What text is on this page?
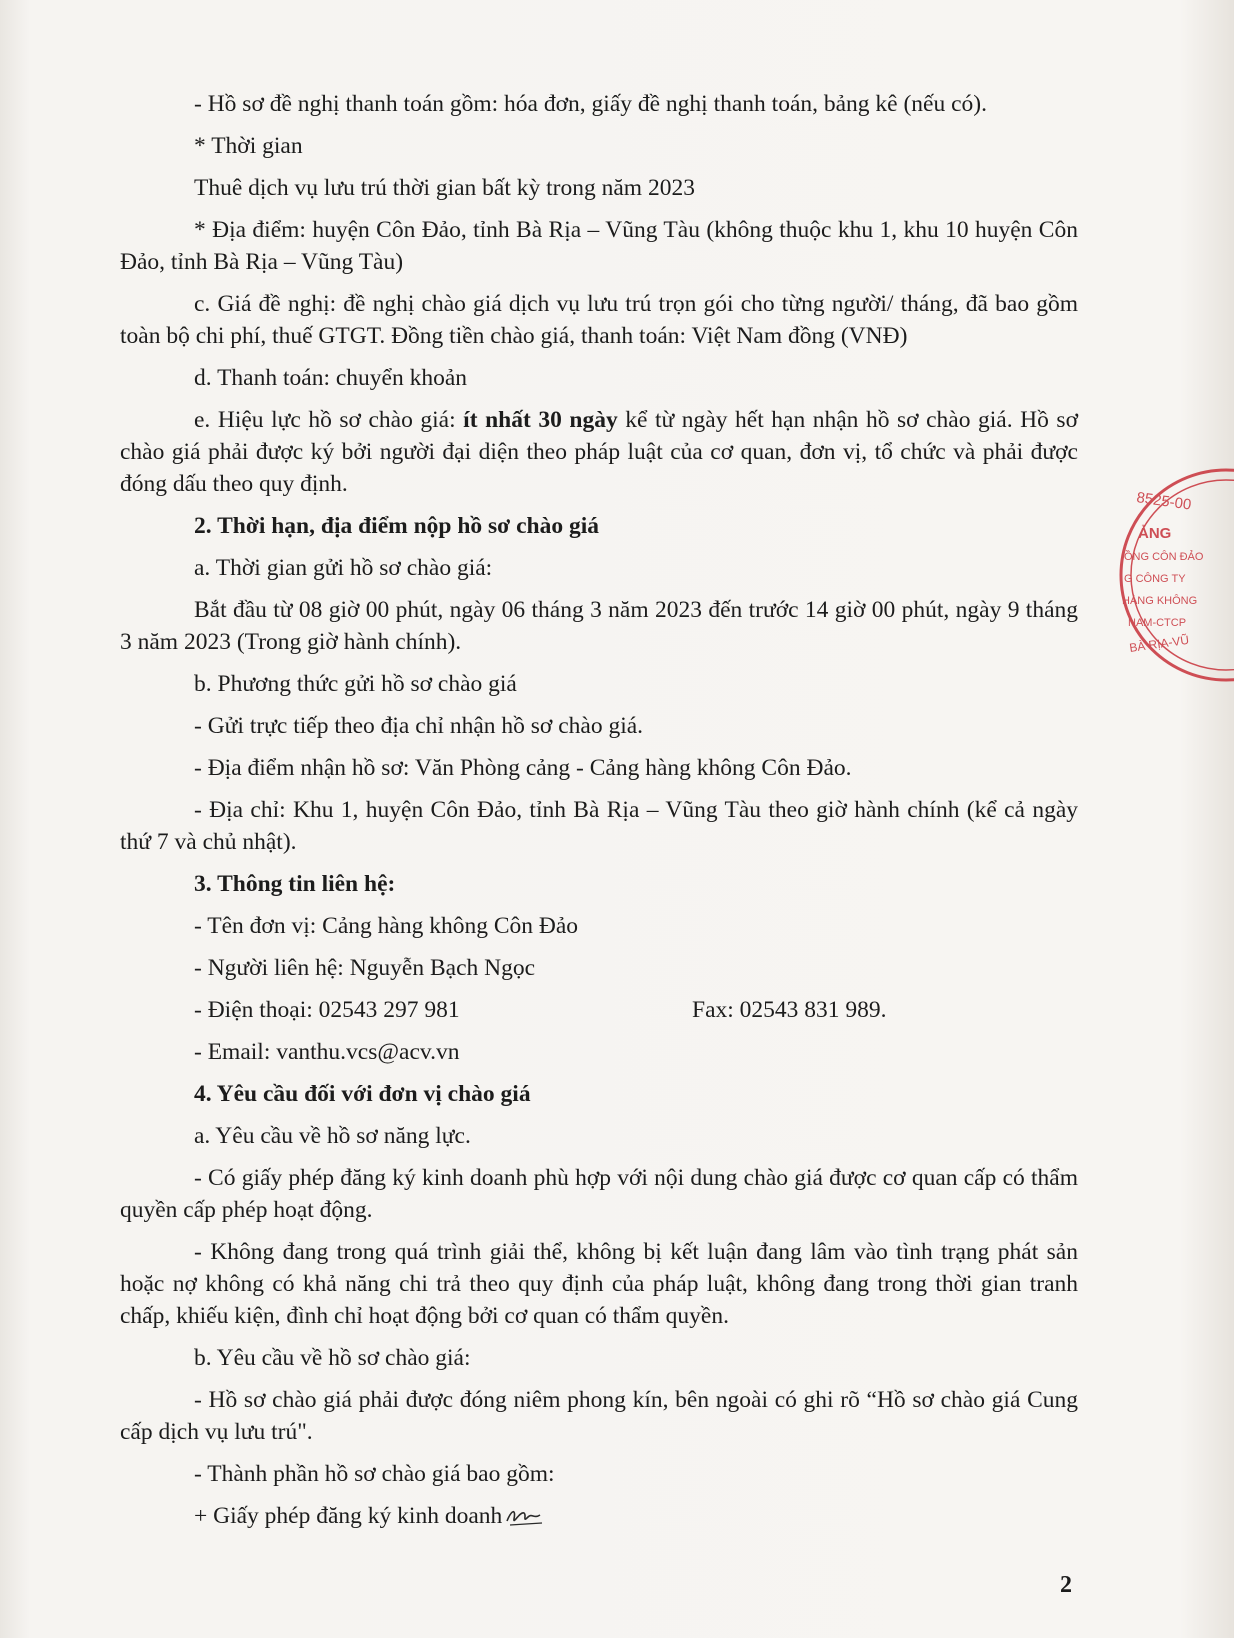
- Hồ sơ đề nghị thanh toán gồm: hóa đơn, giấy đề nghị thanh toán, bảng kê (nếu có).

* Thời gian

Thuê dịch vụ lưu trú thời gian bất kỳ trong năm 2023

* Địa điểm: huyện Côn Đảo, tỉnh Bà Rịa – Vũng Tàu (không thuộc khu 1, khu 10 huyện Côn Đảo, tỉnh Bà Rịa – Vũng Tàu)

c. Giá đề nghị: đề nghị chào giá dịch vụ lưu trú trọn gói cho từng người/ tháng, đã bao gồm toàn bộ chi phí, thuế GTGT. Đồng tiền chào giá, thanh toán: Việt Nam đồng (VNĐ)

d. Thanh toán: chuyển khoản

e. Hiệu lực hồ sơ chào giá: ít nhất 30 ngày kể từ ngày hết hạn nhận hồ sơ chào giá. Hồ sơ chào giá phải được ký bởi người đại diện theo pháp luật của cơ quan, đơn vị, tổ chức và phải được đóng dấu theo quy định.

2. Thời hạn, địa điểm nộp hồ sơ chào giá

a. Thời gian gửi hồ sơ chào giá:

Bắt đầu từ 08 giờ 00 phút, ngày 06 tháng 3 năm 2023 đến trước 14 giờ 00 phút, ngày 9 tháng 3 năm 2023 (Trong giờ hành chính).

b. Phương thức gửi hồ sơ chào giá

- Gửi trực tiếp theo địa chỉ nhận hồ sơ chào giá.

- Địa điểm nhận hồ sơ: Văn Phòng cảng - Cảng hàng không Côn Đảo.

- Địa chỉ: Khu 1, huyện Côn Đảo, tỉnh Bà Rịa – Vũng Tàu theo giờ hành chính (kể cả ngày thứ 7 và chủ nhật).

3. Thông tin liên hệ:

- Tên đơn vị: Cảng hàng không Côn Đảo

- Người liên hệ: Nguyễn Bạch Ngọc

- Điện thoại: 02543 297 981	Fax: 02543 831 989.

- Email: vanthu.vcs@acv.vn

4. Yêu cầu đối với đơn vị chào giá

a. Yêu cầu về hồ sơ năng lực.

- Có giấy phép đăng ký kinh doanh phù hợp với nội dung chào giá được cơ quan cấp có thẩm quyền cấp phép hoạt động.

- Không đang trong quá trình giải thể, không bị kết luận đang lâm vào tình trạng phát sản hoặc nợ không có khả năng chi trả theo quy định của pháp luật, không đang trong thời gian tranh chấp, khiếu kiện, đình chỉ hoạt động bởi cơ quan có thẩm quyền.

b. Yêu cầu về hồ sơ chào giá:

- Hồ sơ chào giá phải được đóng niêm phong kín, bên ngoài có ghi rõ “Hồ sơ chào giá Cung cấp dịch vụ lưu trú".

- Thành phần hồ sơ chào giá bao gồm:

+ Giấy phép đăng ký kinh doanh

8525-00
ẢNG
ỒNG CÔN ĐẢO
G CÔNG TY
HÀNG KHÔNG
NAM-CTCP
BÀ RỊA-VŨ
2
